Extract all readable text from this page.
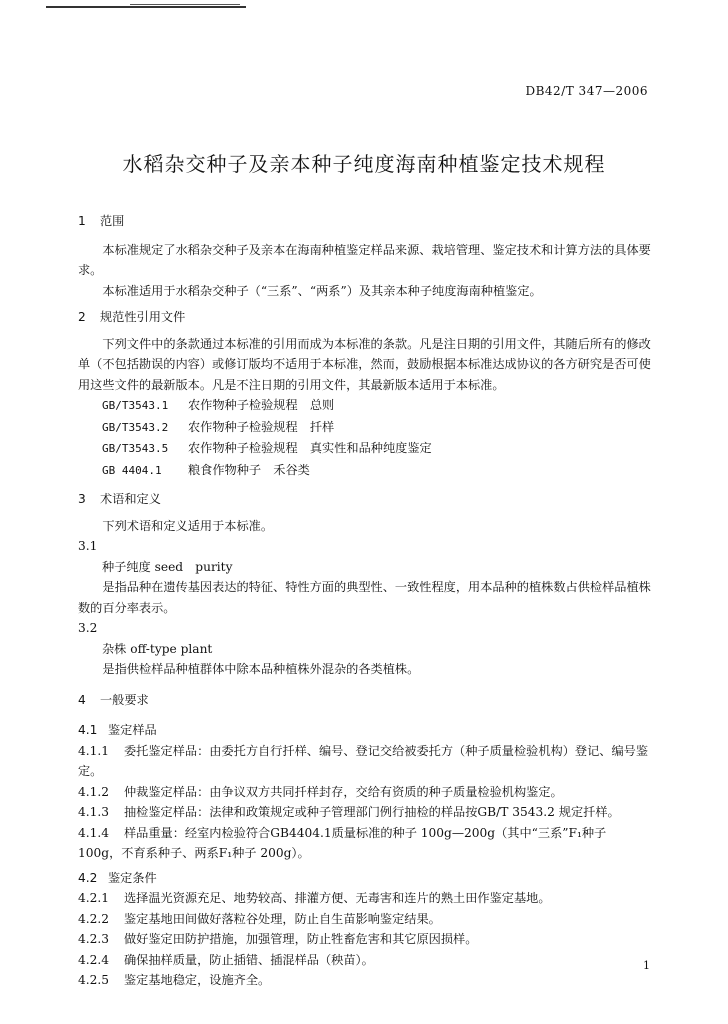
DB42/T 347—2006
水稻杂交种子及亲本种子纯度海南种植鉴定技术规程
1 范围
本标准规定了水稻杂交种子及亲本在海南种植鉴定样品来源、栽培管理、鉴定技术和计算方法的具体要求。
本标准适用于水稻杂交种子（“三系”、“两系”）及其亲本种子纯度海南种植鉴定。
2 规范性引用文件
下列文件中的条款通过本标准的引用而成为本标准的条款。凡是注日期的引用文件，其随后所有的修改单（不包括勘误的内容）或修订版均不适用于本标准，然而，鼓励根据本标准达成协议的各方研究是否可使用这些文件的最新版本。凡是不注日期的引用文件，其最新版本适用于本标准。
GB/T3543.1 农作物种子检验规程　总则
GB/T3543.2 农作物种子检验规程　扦样
GB/T3543.5 农作物种子检验规程　真实性和品种纯度鉴定
GB 4404.1 粮食作物种子　禾谷类
3 术语和定义
下列术语和定义适用于本标准。
3.1
种子纯度 seed　purity
是指品种在遗传基因表达的特征、特性方面的典型性、一致性程度，用本品种的植株数占供检样品植株数的百分率表示。
3.2
杂株 off-type plant
是指供检样品种植群体中除本品种植株外混杂的各类植株。
4 一般要求
4.1 鉴定样品
4.1.1 委托鉴定样品：由委托方自行扦样、编号、登记交给被委托方（种子质量检验机构）登记、编号鉴定。
4.1.2 仲裁鉴定样品：由争议双方共同扦样封存，交给有资质的种子质量检验机构鉴定。
4.1.3 抽检鉴定样品：法律和政策规定或种子管理部门例行抽检的样品按GB/T 3543.2 规定扦样。
4.1.4 样品重量：经室内检验符合GB4404.1质量标准的种子 100g—200g（其中“三系”F₁种子 100g，不育系种子、两系F₁种子 200g）。
4.2 鉴定条件
4.2.1 选择温光资源充足、地势较高、排灌方便、无毒害和连片的熟土田作鉴定基地。
4.2.2 鉴定基地田间做好落粒谷处理，防止自生苗影响鉴定结果。
4.2.3 做好鉴定田防护措施，加强管理，防止牲畜危害和其它原因损样。
4.2.4 确保抽样质量，防止插错、插混样品（秧苗）。
4.2.5 鉴定基地稳定，设施齐全。
1
